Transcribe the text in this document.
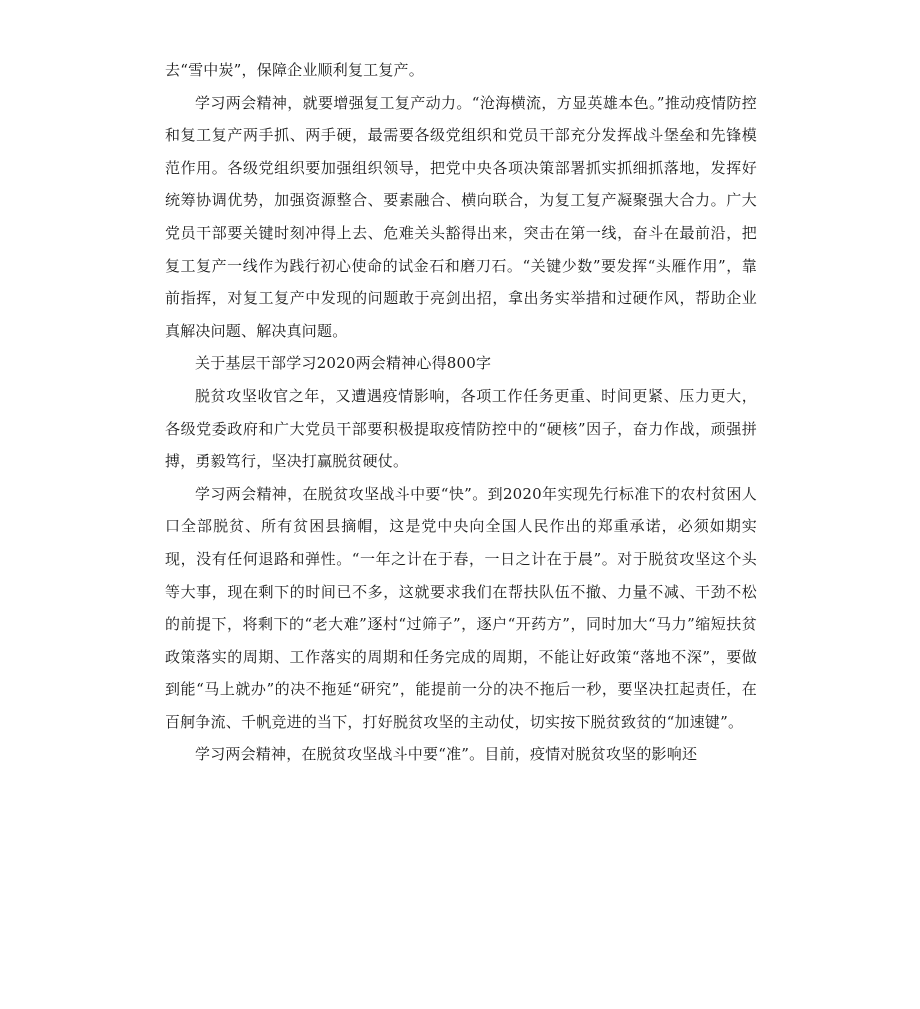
去“雪中炭”，保障企业顺利复工复产。

学习两会精神，就要增强复工复产动力。“沧海横流，方显英雄本色。”推动疫情防控和复工复产两手抓、两手硬，最需要各级党组织和党员干部充分发挥战斗堡垒和先锋模范作用。各级党组织要加强组织领导，把党中央各项决策部署抓实抓细抓落地，发挥好统筹协调优势，加强资源整合、要素融合、横向联合，为复工复产凝聚强大合力。广大党员干部要关键时刻冲得上去、危难关头豁得出来，突击在第一线，奋斗在最前沿，把复工复产一线作为践行初心使命的试金石和磨刀石。“关键少数”要发挥“头雁作用”，靠前指挥，对复工复产中发现的问题敢于亮剑出招，拿出务实举措和过硬作风，帮助企业真解决问题、解决真问题。

关于基层干部学习2020两会精神心得800字

脱贫攻坚收官之年，又遭遇疫情影响，各项工作任务更重、时间更紧、压力更大，各级党委政府和广大党员干部要积极提取疫情防控中的“硬核”因子，奋力作战，顽强拼搏，勇毅笃行，坚决打赢脱贫硬仗。

学习两会精神，在脱贫攻坚战斗中要“快”。到2020年实现先行标准下的农村贫困人口全部脱贫、所有贫困县摘帽，这是党中央向全国人民作出的郑重承诺，必须如期实现，没有任何退路和弹性。“一年之计在于春，一日之计在于晨”。对于脱贫攻坚这个头等大事，现在剩下的时间已不多，这就要求我们在帮扶队伍不撤、力量不减、干劲不松的前提下，将剩下的“老大难”逐村“过筛子”，逐户“开药方”，同时加大“马力”缩短扶贫政策落实的周期、工作落实的周期和任务完成的周期，不能让好政策“落地不深”，要做到能“马上就办”的决不拖延“研究”，能提前一分的决不拖后一秒，要坚决扛起责任，在百舸争流、千帆竞进的当下，打好脱贫攻坚的主动仗，切实按下脱贫致贫的“加速键”。

学习两会精神，在脱贫攻坚战斗中要“准”。目前，疫情对脱贫攻坚的影响还
